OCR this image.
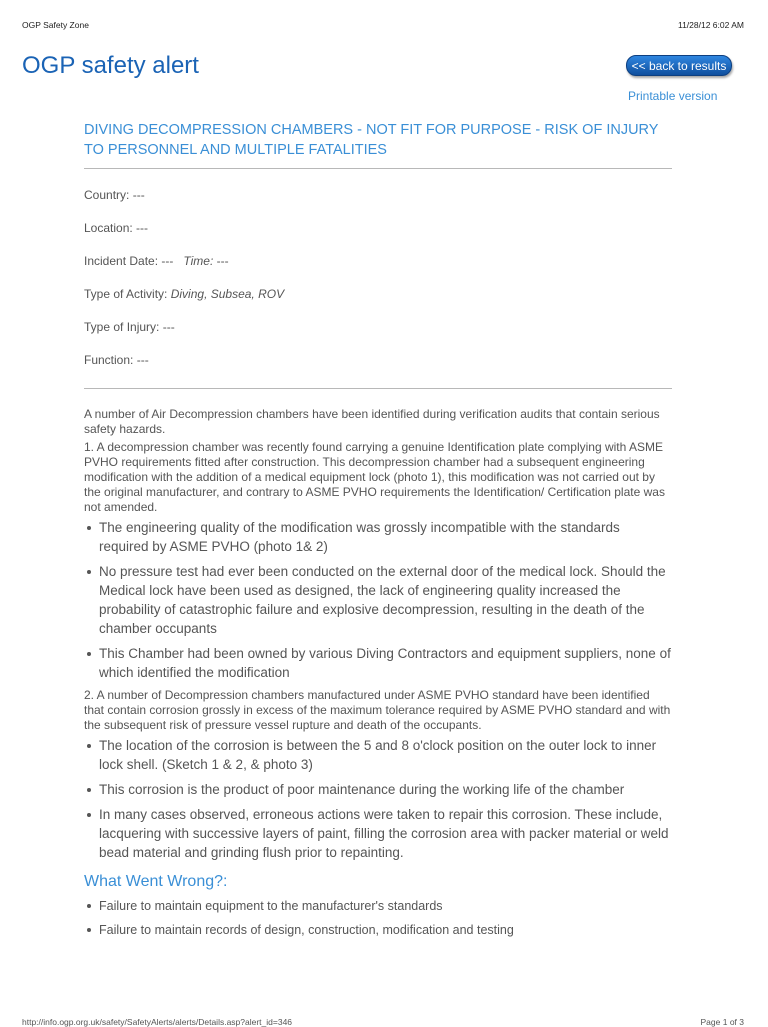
OGP Safety Zone	11/28/12 6:02 AM
OGP safety alert	<< back to results
Printable version
DIVING DECOMPRESSION CHAMBERS - NOT FIT FOR PURPOSE - RISK OF INJURY TO PERSONNEL AND MULTIPLE FATALITIES
Country: ---
Location: ---
Incident Date: --- Time: ---
Type of Activity: Diving, Subsea, ROV
Type of Injury: ---
Function: ---

A number of Air Decompression chambers have been identified during verification audits that contain serious safety hazards.

1. A decompression chamber was recently found carrying a genuine Identification plate complying with ASME PVHO requirements fitted after construction. This decompression chamber had a subsequent engineering modification with the addition of a medical equipment lock (photo 1), this modification was not carried out by the original manufacturer, and contrary to ASME PVHO requirements the Identification/ Certification plate was not amended.

The engineering quality of the modification was grossly incompatible with the standards required by ASME PVHO (photo 1& 2)
No pressure test had ever been conducted on the external door of the medical lock. Should the Medical lock have been used as designed, the lack of engineering quality increased the probability of catastrophic failure and explosive decompression, resulting in the death of the chamber occupants
This Chamber had been owned by various Diving Contractors and equipment suppliers, none of which identified the modification

2. A number of Decompression chambers manufactured under ASME PVHO standard have been identified that contain corrosion grossly in excess of the maximum tolerance required by ASME PVHO standard and with the subsequent risk of pressure vessel rupture and death of the occupants.

The location of the corrosion is between the 5 and 8 o'clock position on the outer lock to inner lock shell. (Sketch 1 & 2, & photo 3)
This corrosion is the product of poor maintenance during the working life of the chamber
In many cases observed, erroneous actions were taken to repair this corrosion. These include, lacquering with successive layers of paint, filling the corrosion area with packer material or weld bead material and grinding flush prior to repainting.
What Went Wrong?:
Failure to maintain equipment to the manufacturer's standards
Failure to maintain records of design, construction, modification and testing
http://info.ogp.org.uk/safety/SafetyAlerts/alerts/Details.asp?alert_id=346	Page 1 of 3
